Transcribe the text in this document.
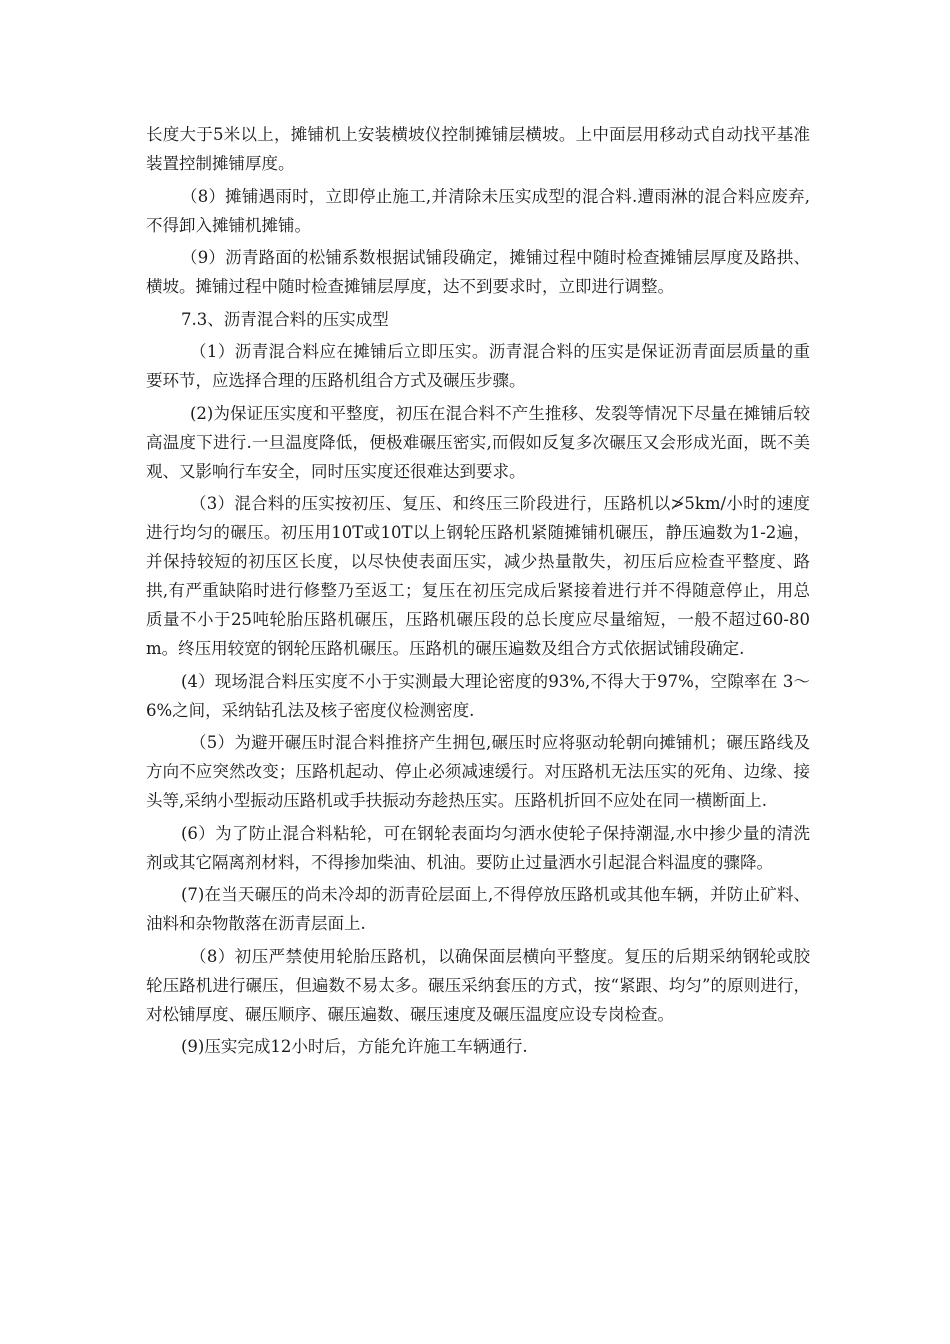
长度大于5米以上，摊铺机上安装横坡仪控制摊铺层横坡。上中面层用移动式自动找平基准装置控制摊铺厚度。

（8）摊铺遇雨时，立即停止施工,并清除未压实成型的混合料.遭雨淋的混合料应废弃,不得卸入摊铺机摊铺。

（9）沥青路面的松铺系数根据试铺段确定，摊铺过程中随时检查摊铺层厚度及路拱、横坡。摊铺过程中随时检查摊铺层厚度，达不到要求时，立即进行调整。

7.3、沥青混合料的压实成型

（1）沥青混合料应在摊铺后立即压实。沥青混合料的压实是保证沥青面层质量的重要环节，应选择合理的压路机组合方式及碾压步骤。

(2)为保证压实度和平整度，初压在混合料不产生推移、发裂等情况下尽量在摊铺后较高温度下进行.一旦温度降低，便极难碾压密实,而假如反复多次碾压又会形成光面，既不美观、又影响行车安全，同时压实度还很难达到要求。

（3）混合料的压实按初压、复压、和终压三阶段进行，压路机以≯5km/小时的速度进行均匀的碾压。初压用10T或10T以上钢轮压路机紧随摊铺机碾压，静压遍数为1-2遍，并保持较短的初压区长度，以尽快使表面压实，减少热量散失，初压后应检查平整度、路拱,有严重缺陷时进行修整乃至返工；复压在初压完成后紧接着进行并不得随意停止，用总质量不小于25吨轮胎压路机碾压，压路机碾压段的总长度应尽量缩短，一般不超过60-80m。终压用较宽的钢轮压路机碾压。压路机的碾压遍数及组合方式依据试铺段确定.

(4）现场混合料压实度不小于实测最大理论密度的93%,不得大于97%，空隙率在 3～6%之间，采纳钻孔法及核子密度仪检测密度.

（5）为避开碾压时混合料推挤产生拥包,碾压时应将驱动轮朝向摊铺机；碾压路线及方向不应突然改变；压路机起动、停止必须减速缓行。对压路机无法压实的死角、边缘、接头等,采纳小型振动压路机或手扶振动夯趁热压实。压路机折回不应处在同一横断面上.

(6）为了防止混合料粘轮，可在钢轮表面均匀洒水使轮子保持潮湿,水中掺少量的清洗剂或其它隔离剂材料，不得掺加柴油、机油。要防止过量洒水引起混合料温度的骤降。

(7)在当天碾压的尚未冷却的沥青砼层面上,不得停放压路机或其他车辆，并防止矿料、油料和杂物散落在沥青层面上.

（8）初压严禁使用轮胎压路机，以确保面层横向平整度。复压的后期采纳钢轮或胶轮压路机进行碾压，但遍数不易太多。碾压采纳套压的方式，按“紧跟、均匀”的原则进行，对松铺厚度、碾压顺序、碾压遍数、碾压速度及碾压温度应设专岗检查。

(9)压实完成12小时后，方能允许施工车辆通行.
